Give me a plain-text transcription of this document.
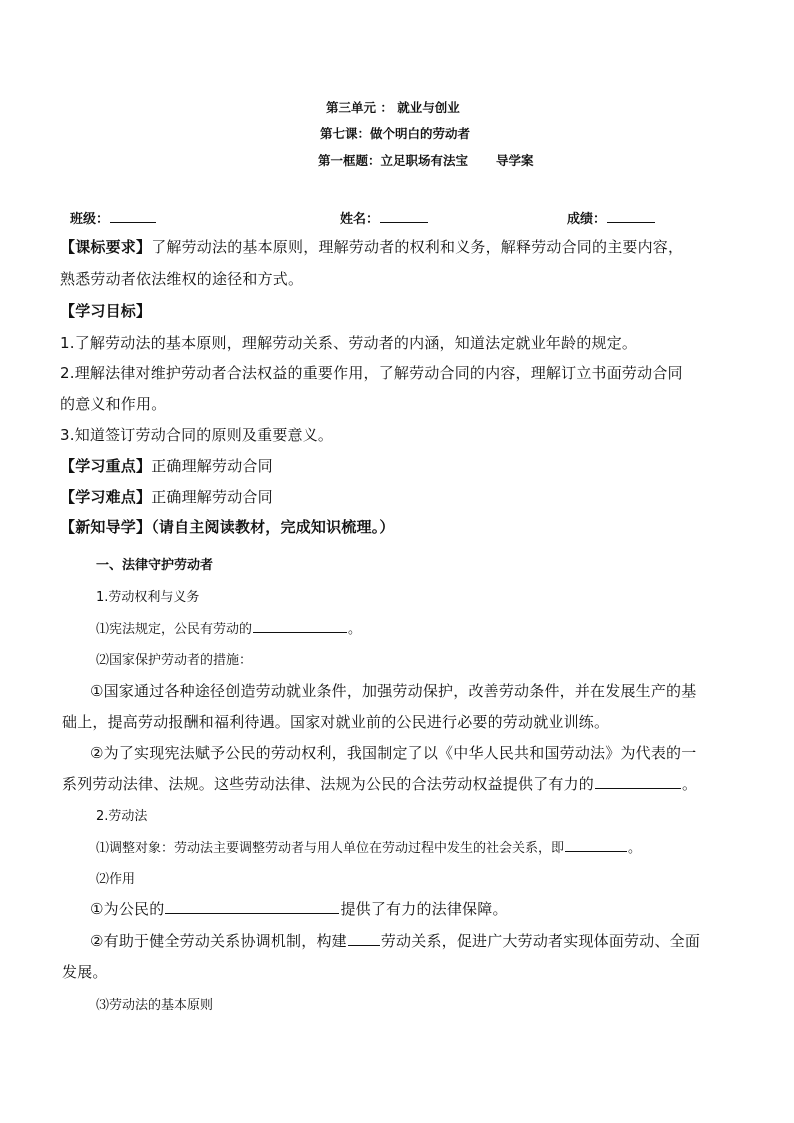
第三单元 ： 就业与创业
第七课：做个明白的劳动者
第一框题：立足职场有法宝 导学案
班级：	姓名：	成绩：
【课标要求】了解劳动法的基本原则，理解劳动者的权利和义务，解释劳动合同的主要内容，
熟悉劳动者依法维权的途径和方式。
【学习目标】
1.了解劳动法的基本原则，理解劳动关系、劳动者的内涵，知道法定就业年龄的规定。
2.理解法律对维护劳动者合法权益的重要作用，了解劳动合同的内容，理解订立书面劳动合同
的意义和作用。
3.知道签订劳动合同的原则及重要意义。
【学习重点】正确理解劳动合同
【学习难点】正确理解劳动合同
【新知导学】（请自主阅读教材，完成知识梳理。）
一、法律守护劳动者
1.劳动权利与义务
⑴宪法规定，公民有劳动的	。
⑵国家保护劳动者的措施：
①国家通过各种途径创造劳动就业条件，加强劳动保护，改善劳动条件，并在发展生产的基
础上，提高劳动报酬和福利待遇。国家对就业前的公民进行必要的劳动就业训练。
②为了实现宪法赋予公民的劳动权利，我国制定了以《中华人民共和国劳动法》为代表的一
系列劳动法律、法规。这些劳动法律、法规为公民的合法劳动权益提供了有力的	。
2.劳动法
⑴调整对象：劳动法主要调整劳动者与用人单位在劳动过程中发生的社会关系，即	。
⑵作用
①为公民的	提供了有力的法律保障。
②有助于健全劳动关系协调机制，构建 劳动关系，促进广大劳动者实现体面劳动、全面
发展。
⑶劳动法的基本原则
